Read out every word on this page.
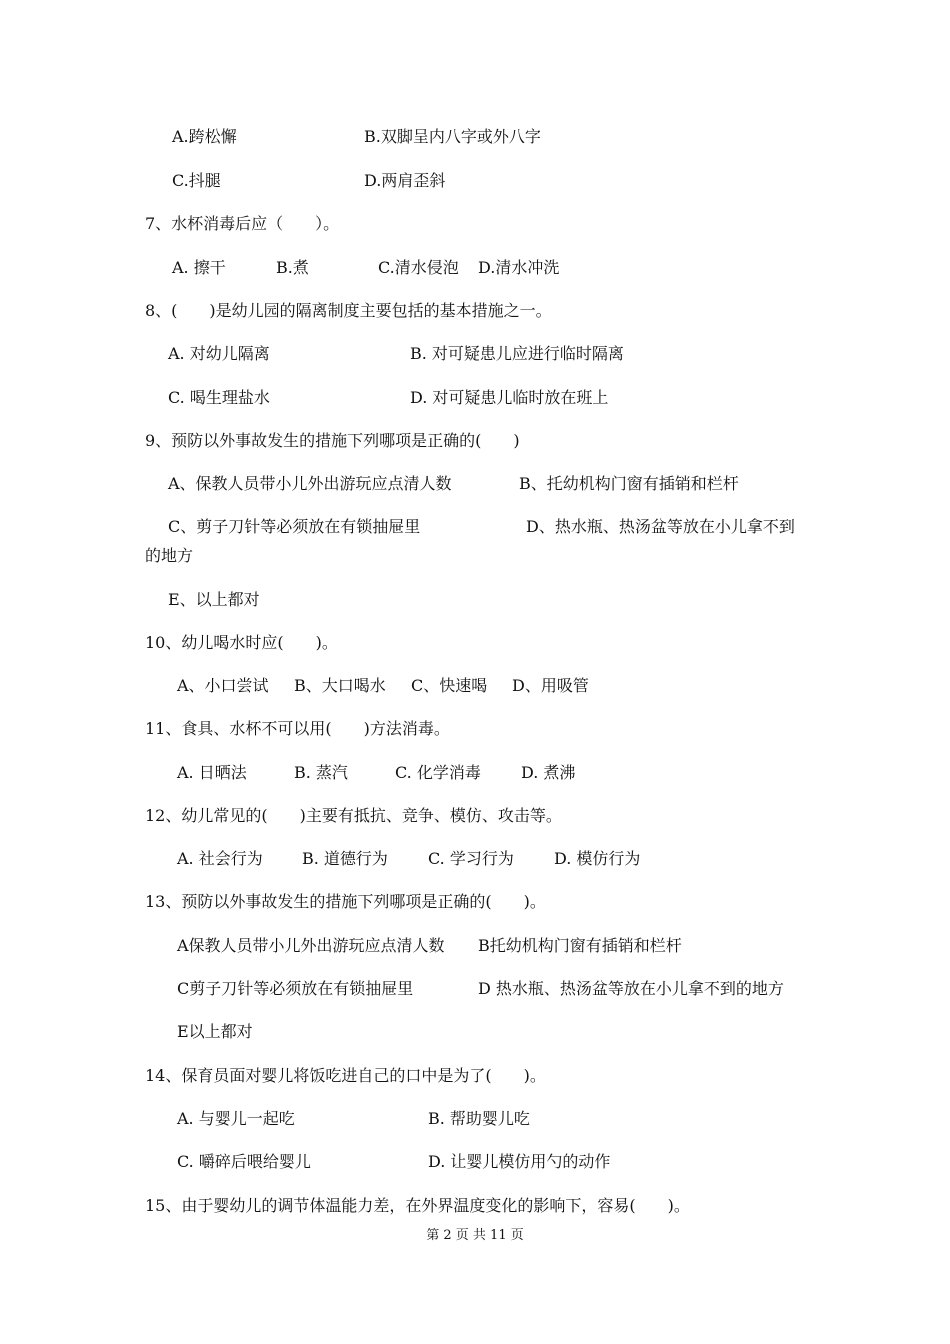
A.跨松懈	B.双脚呈内八字或外八字
C.抖腿	D.两肩歪斜
7、水杯消毒后应（　　）。
A. 擦干	B.煮	C.清水侵泡 D.清水冲洗
8、(　　)是幼儿园的隔离制度主要包括的基本措施之一。
A. 对幼儿隔离	B. 对可疑患儿应进行临时隔离
C. 喝生理盐水	D. 对可疑患儿临时放在班上
9、预防以外事故发生的措施下列哪项是正确的(　　)
A、保教人员带小儿外出游玩应点清人数	B、托幼机构门窗有插销和栏杆
C、剪子刀针等必须放在有锁抽屉里	D、热水瓶、热汤盆等放在小儿拿不到
的地方
E、以上都对
10、幼儿喝水时应(　　)。
A、小口尝试 B、大口喝水 C、快速喝 D、用吸管
11、食具、水杯不可以用(　　)方法消毒。
A. 日晒法	B. 蒸汽	C. 化学消毒	D. 煮沸
12、幼儿常见的(　　)主要有抵抗、竞争、模仿、攻击等。
A. 社会行为 B. 道德行为	C. 学习行为	D. 模仿行为
13、预防以外事故发生的措施下列哪项是正确的(　　)。
A保教人员带小儿外出游玩应点清人数 B托幼机构门窗有插销和栏杆
C剪子刀针等必须放在有锁抽屉里	D 热水瓶、热汤盆等放在小儿拿不到的地方
E以上都对
14、保育员面对婴儿将饭吃进自己的口中是为了(　　)。
A. 与婴儿一起吃	B. 帮助婴儿吃
C. 嚼碎后喂给婴儿	D. 让婴儿模仿用勺的动作
15、由于婴幼儿的调节体温能力差，在外界温度变化的影响下，容易(　　)。
第 2 页 共 11 页
